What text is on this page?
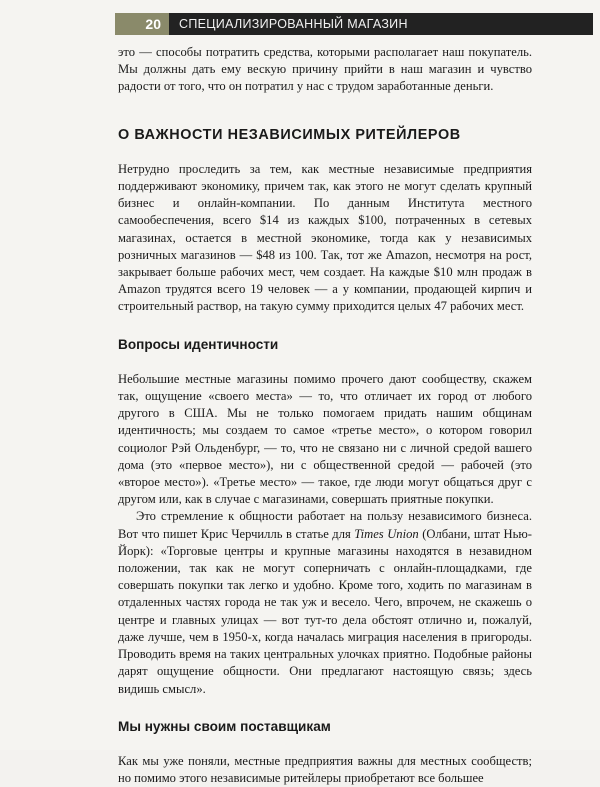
20	СПЕЦИАЛИЗИРОВАННЫЙ МАГАЗИН

это — способы потратить средства, которыми располагает наш покупатель. Мы должны дать ему вескую причину прийти в наш магазин и чувство радости от того, что он потратил у нас с трудом заработанные деньги.

О ВАЖНОСТИ НЕЗАВИСИМЫХ РИТЕЙЛЕРОВ

Нетрудно проследить за тем, как местные независимые предприятия поддерживают экономику, причем так, как этого не могут сделать крупный бизнес и онлайн-компании. По данным Института местного самообеспечения, всего $14 из каждых $100, потраченных в сетевых магазинах, остается в местной экономике, тогда как у независимых розничных магазинов — $48 из 100. Так, тот же Amazon, несмотря на рост, закрывает больше рабочих мест, чем создает. На каждые $10 млн продаж в Amazon трудятся всего 19 человек — а у компании, продающей кирпич и строительный раствор, на такую сумму приходится целых 47 рабочих мест.

Вопросы идентичности

Небольшие местные магазины помимо прочего дают сообществу, скажем так, ощущение «своего места» — то, что отличает их город от любого другого в США. Мы не только помогаем придать нашим общинам идентичность; мы создаем то самое «третье место», о котором говорил социолог Рэй Ольденбург, — то, что не связано ни с личной средой вашего дома (это «первое место»), ни с общественной средой — рабочей (это «второе место»). «Третье место» — такое, где люди могут общаться друг с другом или, как в случае с магазинами, совершать приятные покупки.

Это стремление к общности работает на пользу независимого бизнеса. Вот что пишет Крис Черчилль в статье для Times Union (Олбани, штат Нью-Йорк): «Торговые центры и крупные магазины находятся в незавидном положении, так как не могут соперничать с онлайн-площадками, где совершать покупки так легко и удобно. Кроме того, ходить по магазинам в отдаленных частях города не так уж и весело. Чего, впрочем, не скажешь о центре и главных улицах — вот тут-то дела обстоят отлично и, пожалуй, даже лучше, чем в 1950-х, когда началась миграция населения в пригороды. Проводить время на таких центральных улочках приятно. Подобные районы дарят ощущение общности. Они предлагают настоящую связь; здесь видишь смысл».

Мы нужны своим поставщикам

Как мы уже поняли, местные предприятия важны для местных сообществ; но помимо этого независимые ритейлеры приобретают все большее
